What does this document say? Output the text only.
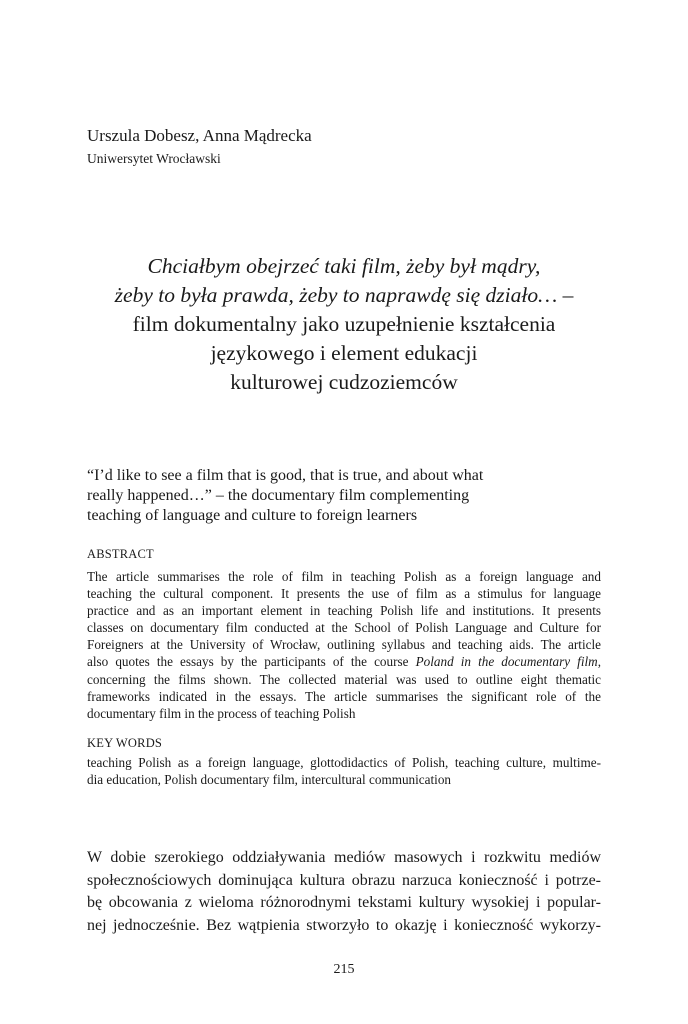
Urszula Dobesz, Anna Mądrecka
Uniwersytet Wrocławski
Chciałbym obejrzeć taki film, żeby był mądry,
żeby to była prawda, żeby to naprawdę się działo… –
film dokumentalny jako uzupełnienie kształcenia
językowego i element edukacji
kulturowej cudzoziemców
“I’d like to see a film that is good, that is true, and about what
really happened…” – the documentary film complementing
teaching of language and culture to foreign learners
ABSTRACT
The article summarises the role of film in teaching Polish as a foreign language and
teaching the cultural component. It presents the use of film as a stimulus for language
practice and as an important element in teaching Polish life and institutions. It presents
classes on documentary film conducted at the School of Polish Language and Culture for
Foreigners at the University of Wrocław, outlining syllabus and teaching aids. The article
also quotes the essays by the participants of the course Poland in the documentary film,
concerning the films shown. The collected material was used to outline eight thematic
frameworks indicated in the essays. The article summarises the significant role of the
documentary film in the process of teaching Polish
KEY WORDS
teaching Polish as a foreign language, glottodidactics of Polish, teaching culture, multime-
dia education, Polish documentary film, intercultural communication
W dobie szerokiego oddziaływania mediów masowych i rozkwitu mediów
społecznościowych dominująca kultura obrazu narzuca konieczność i potrze-
bę obcowania z wieloma różnorodnymi tekstami kultury wysokiej i popular-
nej jednocześnie. Bez wątpienia stworzyło to okazję i konieczność wykorzy-
215
